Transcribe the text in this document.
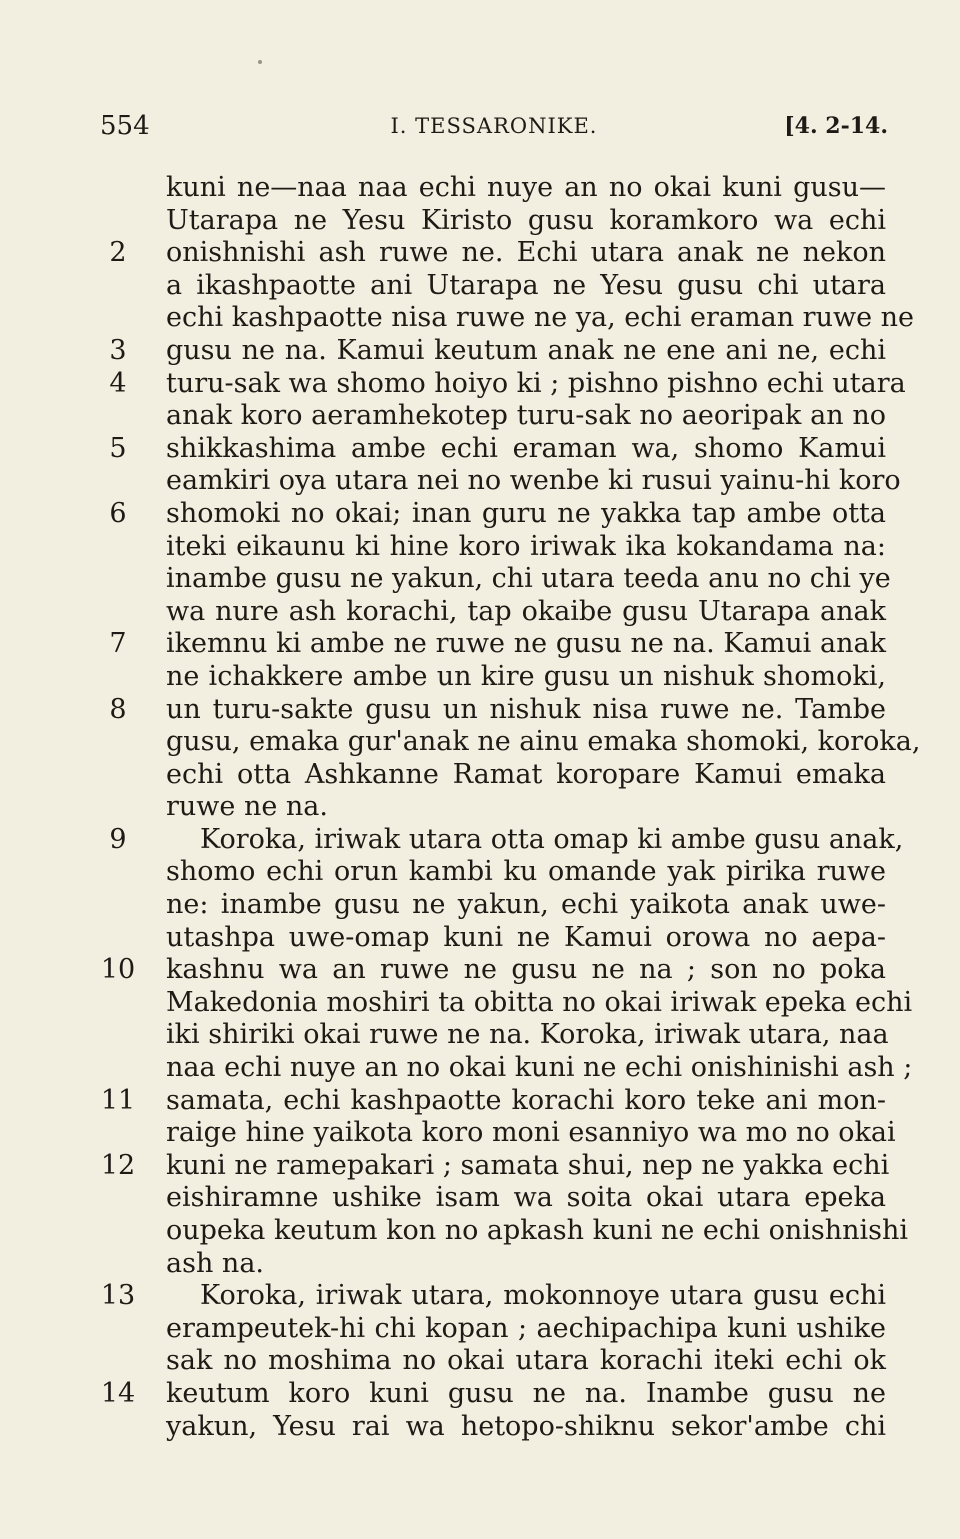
554	I. TESSARONIKE.	[4. 2-14.
kuni ne—naa naa echi nuye an no okai kuni gusu—
Utarapa ne Yesu Kiristo gusu koramkoro wa echi
2	onishnishi ash ruwe ne. Echi utara anak ne nekon
a ikashpaotte ani Utarapa ne Yesu gusu chi utara
echi kashpaotte nisa ruwe ne ya, echi eraman ruwe ne
3	gusu ne na. Kamui keutum anak ne ene ani ne, echi
4	turu-sak wa shomo hoiyo ki ; pishno pishno echi utara
anak koro aeramhekotep turu-sak no aeoripak an no
5	shikkashima ambe echi eraman wa, shomo Kamui
eamkiri oya utara nei no wenbe ki rusui yainu-hi koro
6	shomoki no okai; inan guru ne yakka tap ambe otta
iteki eikaunu ki hine koro iriwak ika kokandama na:
inambe gusu ne yakun, chi utara teeda anu no chi ye
wa nure ash korachi, tap okaibe gusu Utarapa anak
7	ikemnu ki ambe ne ruwe ne gusu ne na. Kamui anak
ne ichakkere ambe un kire gusu un nishuk shomoki,
8	un turu-sakte gusu un nishuk nisa ruwe ne. Tambe
gusu, emaka gur'anak ne ainu emaka shomoki, koroka,
echi otta Ashkanne Ramat koropare Kamui emaka
ruwe ne na.
9	Koroka, iriwak utara otta omap ki ambe gusu anak,
shomo echi orun kambi ku omande yak pirika ruwe
ne: inambe gusu ne yakun, echi yaikota anak uwe-
utashpa uwe-omap kuni ne Kamui orowa no aepa-
10 kashnu wa an ruwe ne gusu ne na ; son no poka
Makedonia moshiri ta obitta no okai iriwak epeka echi
iki shiriki okai ruwe ne na. Koroka, iriwak utara, naa
naa echi nuye an no okai kuni ne echi onishinishi ash ;
11 samata, echi kashpaotte korachi koro teke ani mon-
raige hine yaikota koro moni esanniyo wa mo no okai
12 kuni ne ramepakari ; samata shui, nep ne yakka echi
eishiramne ushike isam wa soita okai utara epeka
oupeka keutum kon no apkash kuni ne echi onishnishi
ash na.
13 Koroka, iriwak utara, mokonnoye utara gusu echi
erampeutek-hi chi kopan ; aechipachipa kuni ushike
sak no moshima no okai utara korachi iteki echi ok
14 keutum koro kuni gusu ne na. Inambe gusu ne
yakun, Yesu rai wa hetopo-shiknu sekor'ambe chi
